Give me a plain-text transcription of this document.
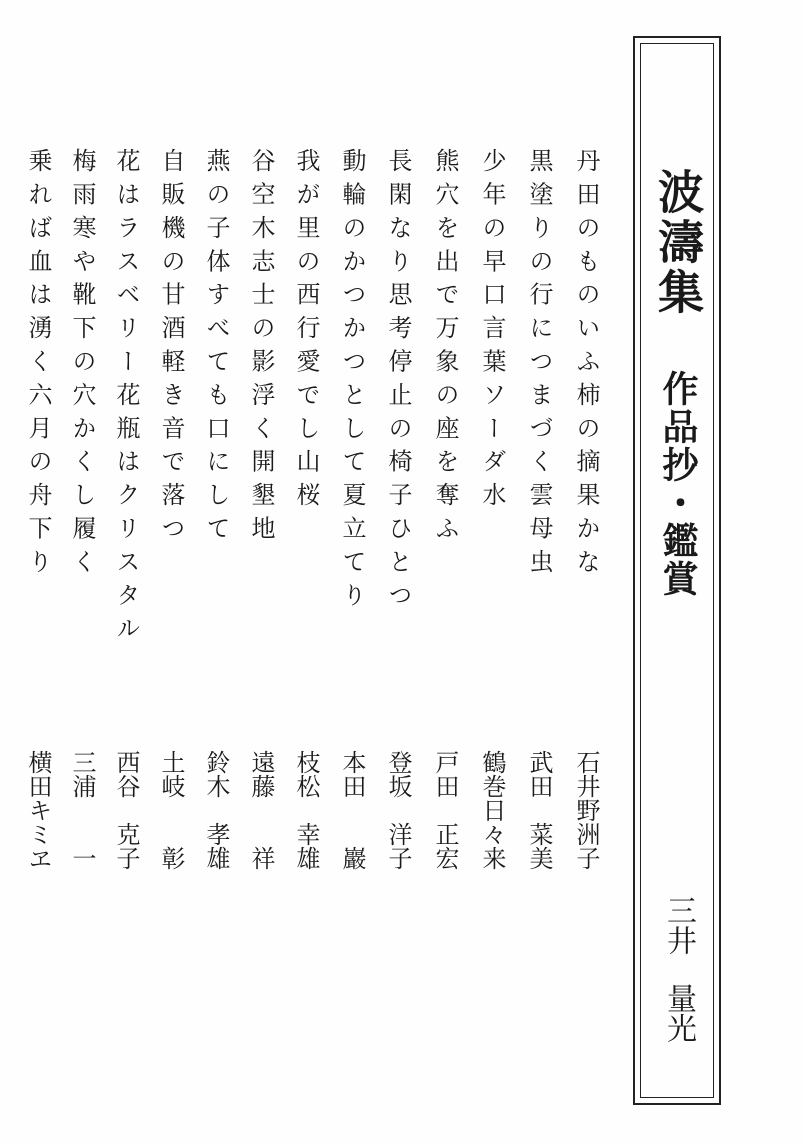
波濤集
作品抄・鑑賞
三井量光
丹田のものいふ柿の摘果かな
黒塗りの行につまづく雲母虫
少年の早口言葉ソーダ水
熊穴を出で万象の座を奪ふ
長閑なり思考停止の椅子ひとつ
動輪のかつかつとして夏立てり
我が里の西行愛でし山桜
谷空木志士の影浮く開墾地
燕の子体すべても口にして
自販機の甘酒軽き音で落つ
花はラスベリー花瓶はクリスタル
梅雨寒や靴下の穴かくし履く
乗れば血は湧く六月の舟下り
石井野洲子
武田　菜美
鶴巻日々来
戸田　正宏
登坂　洋子
本田　　巖
枝松　幸雄
遠藤　　祥
鈴木　孝雄
土岐　　彰
西谷　克子
三浦　　一
横田キミヱ
